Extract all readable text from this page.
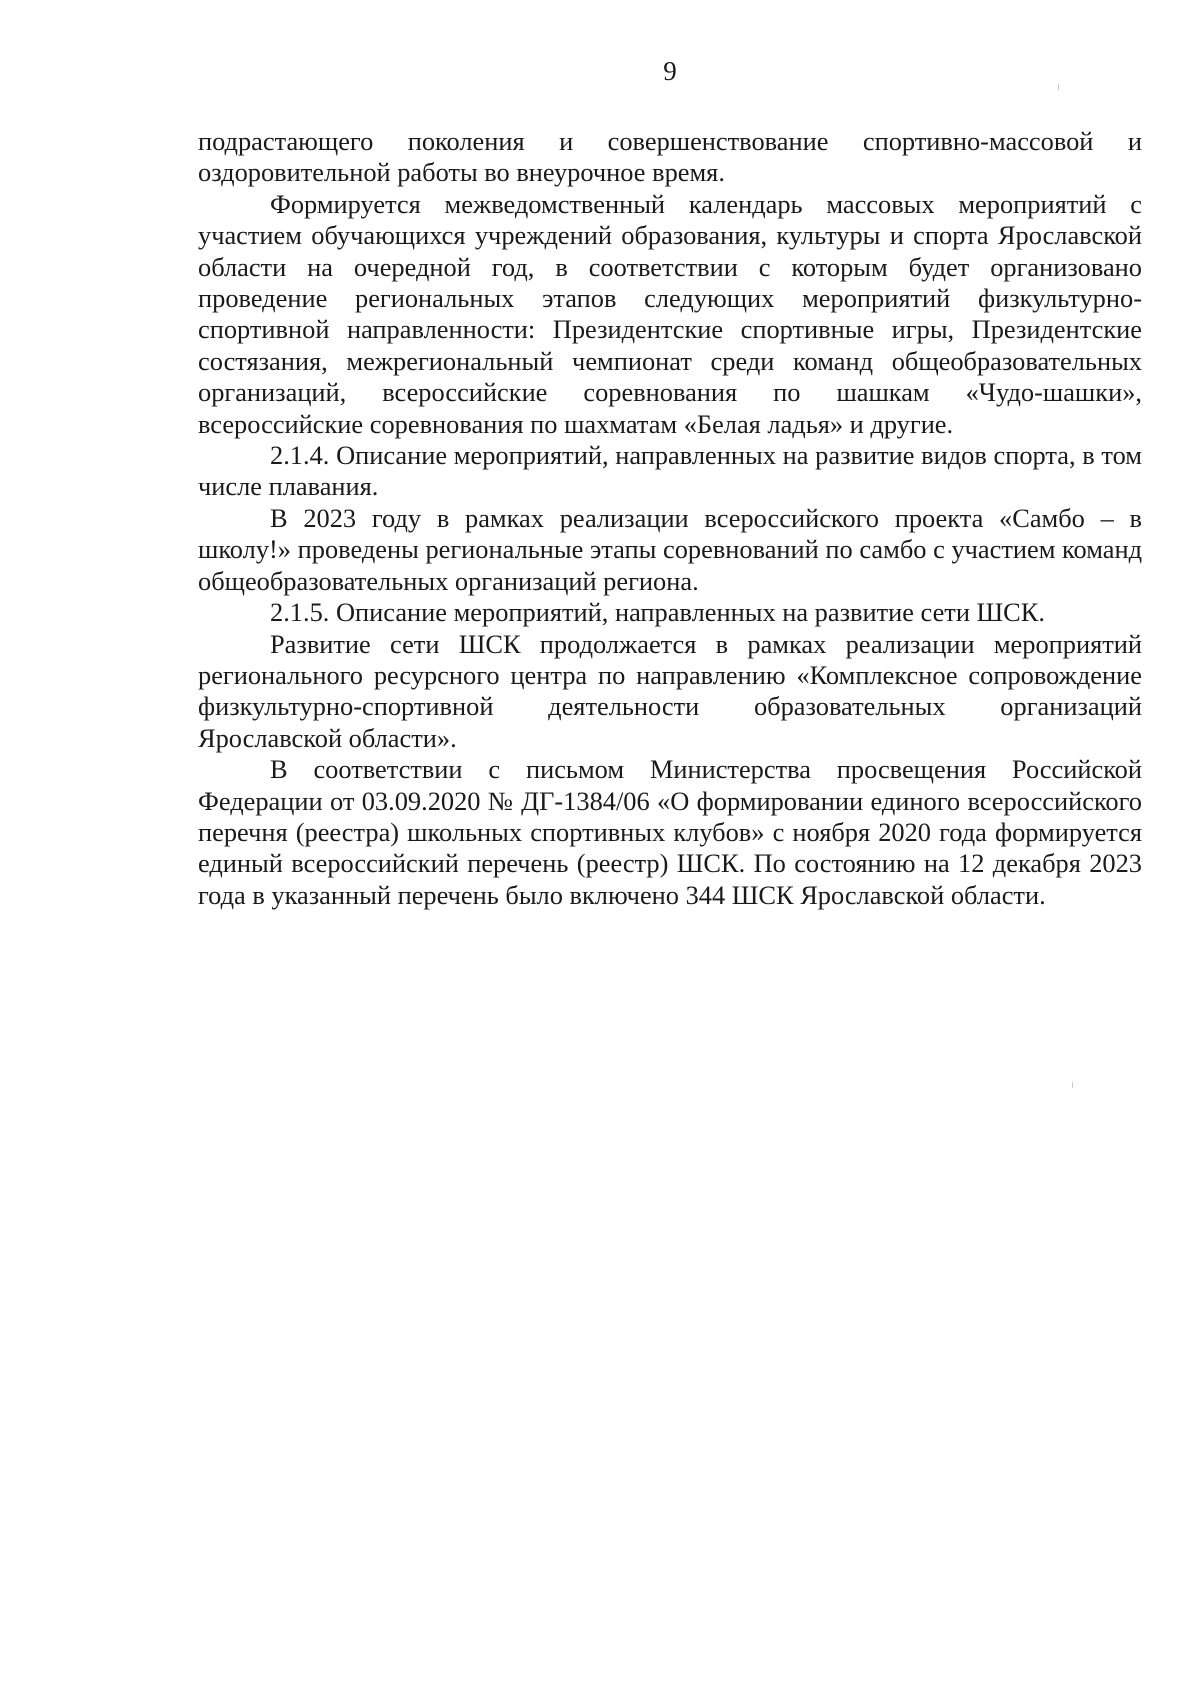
9

подрастающего поколения и совершенствование спортивно-массовой и оздоровительной работы во внеурочное время.

Формируется межведомственный календарь массовых мероприятий с участием обучающихся учреждений образования, культуры и спорта Ярославской области на очередной год, в соответствии с которым будет организовано проведение региональных этапов следующих мероприятий физкультурно-спортивной направленности: Президентские спортивные игры, Президентские состязания, межрегиональный чемпионат среди команд общеобразовательных организаций, всероссийские соревнования по шашкам «Чудо-шашки», всероссийские соревнования по шахматам «Белая ладья» и другие.

2.1.4. Описание мероприятий, направленных на развитие видов спорта, в том числе плавания.

В 2023 году в рамках реализации всероссийского проекта «Самбо – в школу!» проведены региональные этапы соревнований по самбо с участием команд общеобразовательных организаций региона.

2.1.5. Описание мероприятий, направленных на развитие сети ШСК.

Развитие сети ШСК продолжается в рамках реализации мероприятий регионального ресурсного центра по направлению «Комплексное сопровождение физкультурно-спортивной деятельности образовательных организаций Ярославской области».

В соответствии с письмом Министерства просвещения Российской Федерации от 03.09.2020 № ДГ-1384/06 «О формировании единого всероссийского перечня (реестра) школьных спортивных клубов» с ноября 2020 года формируется единый всероссийский перечень (реестр) ШСК. По состоянию на 12 декабря 2023 года в указанный перечень было включено 344 ШСК Ярославской области.
